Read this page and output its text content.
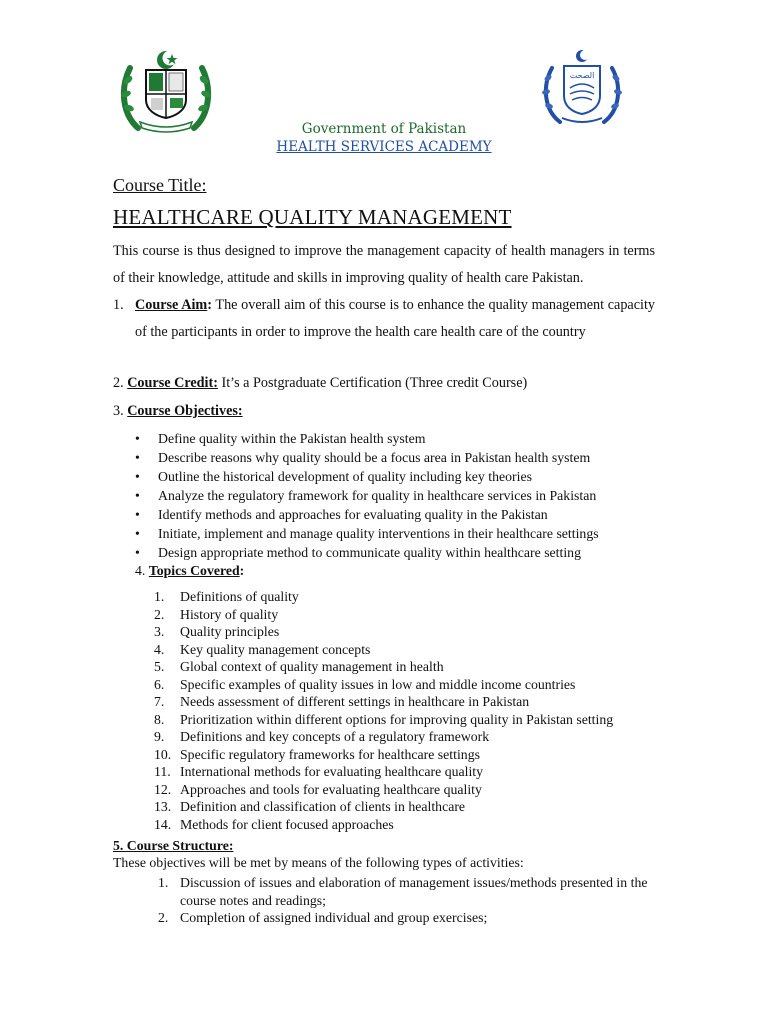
الصحت
Government of Pakistan
HEALTH SERVICES ACADEMY
Course Title:
HEALTHCARE QUALITY MANAGEMENT
This course is thus designed to improve the management capacity of health managers in terms of their knowledge, attitude and skills in improving quality of health care Pakistan.
1. Course Aim: The overall aim of this course is to enhance the quality management capacity of the participants in order to improve the health care health care of the country
2. Course Credit: It’s a Postgraduate Certification (Three credit Course)
3. Course Objectives:
• Define quality within the Pakistan health system
• Describe reasons why quality should be a focus area in Pakistan health system
• Outline the historical development of quality including key theories
• Analyze the regulatory framework for quality in healthcare services in Pakistan
• Identify methods and approaches for evaluating quality in the Pakistan
• Initiate, implement and manage quality interventions in their healthcare settings
• Design appropriate method to communicate quality within healthcare setting
4. Topics Covered:
1. Definitions of quality
2. History of quality
3. Quality principles
4. Key quality management concepts
5. Global context of quality management in health
6. Specific examples of quality issues in low and middle income countries
7. Needs assessment of different settings in healthcare in Pakistan
8. Prioritization within different options for improving quality in Pakistan setting
9. Definitions and key concepts of a regulatory framework
10. Specific regulatory frameworks for healthcare settings
11. International methods for evaluating healthcare quality
12. Approaches and tools for evaluating healthcare quality
13. Definition and classification of clients in healthcare
14. Methods for client focused approaches
5. Course Structure:
These objectives will be met by means of the following types of activities:
1. Discussion of issues and elaboration of management issues/methods presented in the course notes and readings;
2. Completion of assigned individual and group exercises;
